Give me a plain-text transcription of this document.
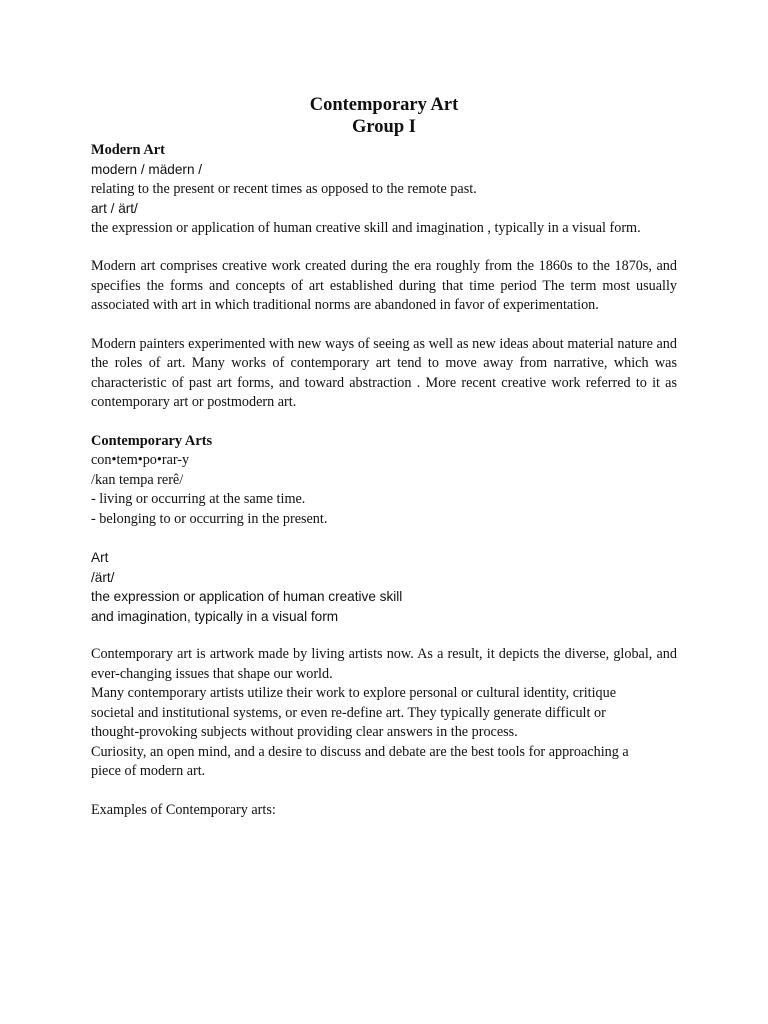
Contemporary Art

Group I

Modern Art

modern / mädern /

relating to the present or recent times as opposed to the remote past.

art / ärt/

the expression or application of human creative skill and imagination , typically in a visual form.

Modern art comprises creative work created during the era roughly from the 1860s to the 1870s, and specifies the forms and concepts of art established during that time period The term most usually associated with art in which traditional norms are abandoned in favor of experimentation.

Modern painters experimented with new ways of seeing as well as new ideas about material nature and the roles of art. Many works of contemporary art tend to move away from narrative, which was characteristic of past art forms, and toward abstraction . More recent creative work referred to it as contemporary art or postmodern art.

Contemporary Arts

con•tem•po•rar-y

/kan tempa rerê/

- living or occurring at the same time.

- belonging to or occurring in the present.

Art

/ärt/

the expression or application of human creative skill

and imagination, typically in a visual form

Contemporary art is artwork made by living artists now. As a result, it depicts the diverse, global, and ever-changing issues that shape our world.

Many contemporary artists utilize their work to explore personal or cultural identity, critique

societal and institutional systems, or even re-define art. They typically generate difficult or

thought-provoking subjects without providing clear answers in the process.

Curiosity, an open mind, and a desire to discuss and debate are the best tools for approaching a

piece of modern art.

Examples of Contemporary arts:
